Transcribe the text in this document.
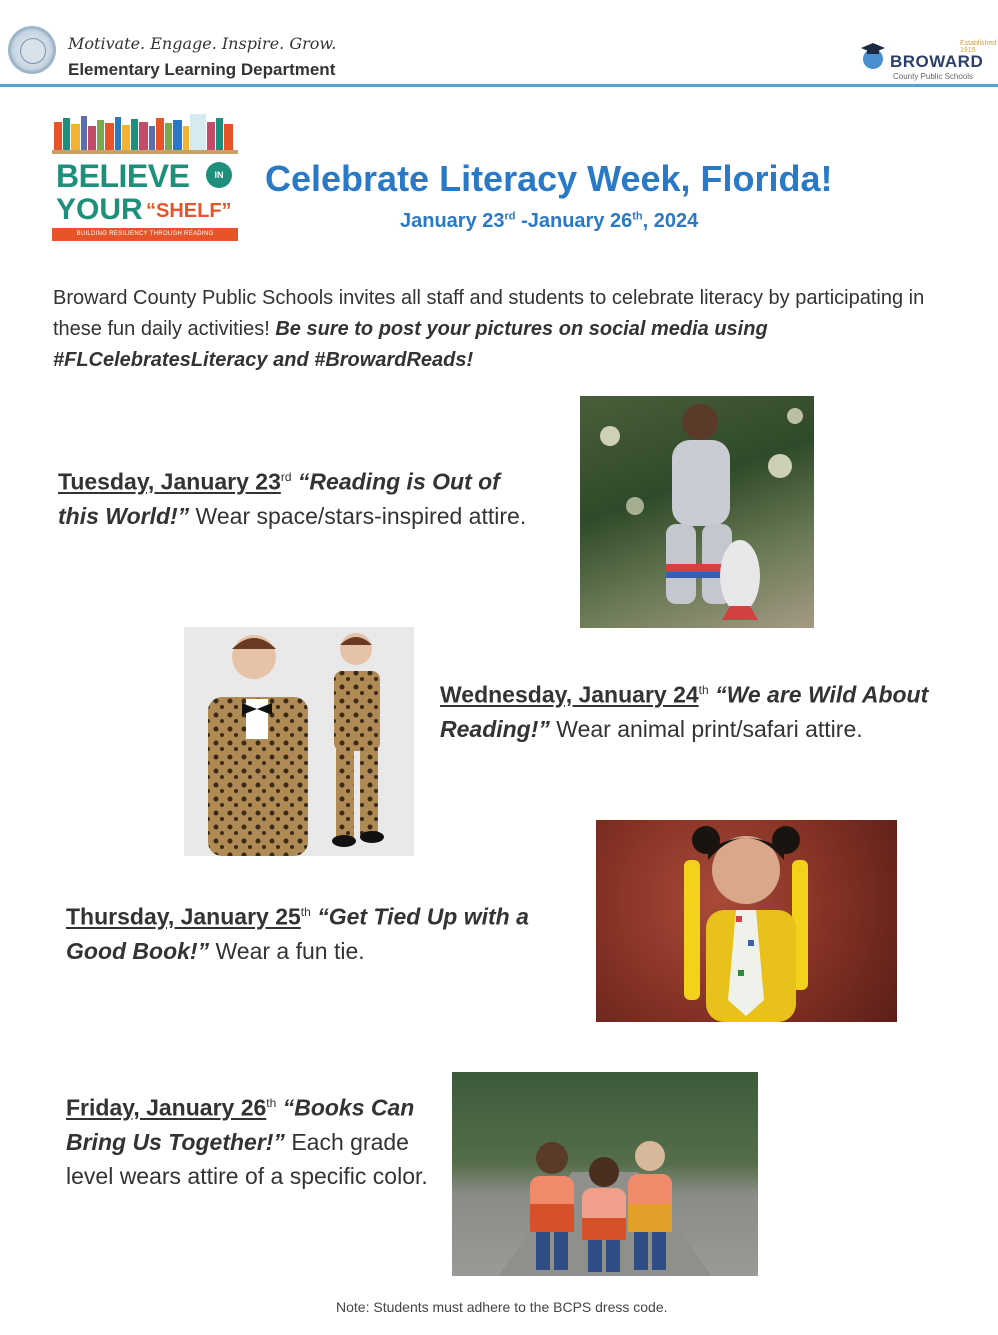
Motivate. Engage. Inspire. Grow.
Elementary Learning Department
Established 1915
BROWARD
County Public Schools
BELIEVE	IN
YOUR “SHELF”
BUILDING RESILIENCY THROUGH READING
Celebrate Literacy Week, Florida!
January 23rd -January 26th, 2024
Broward County Public Schools invites all staff and students to celebrate literacy by participating in these fun daily activities! Be sure to post your pictures on social media using #FLCelebratesLiteracy and #BrowardReads!
Tuesday, January 23rd “Reading is Out of this World!” Wear space/stars-inspired attire.
Wednesday, January 24th “We are Wild About Reading!” Wear animal print/safari attire.
Thursday, January 25th “Get Tied Up with a Good Book!” Wear a fun tie.
Friday, January 26th “Books Can Bring Us Together!” Each grade level wears attire of a specific color.
Note: Students must adhere to the BCPS dress code.
